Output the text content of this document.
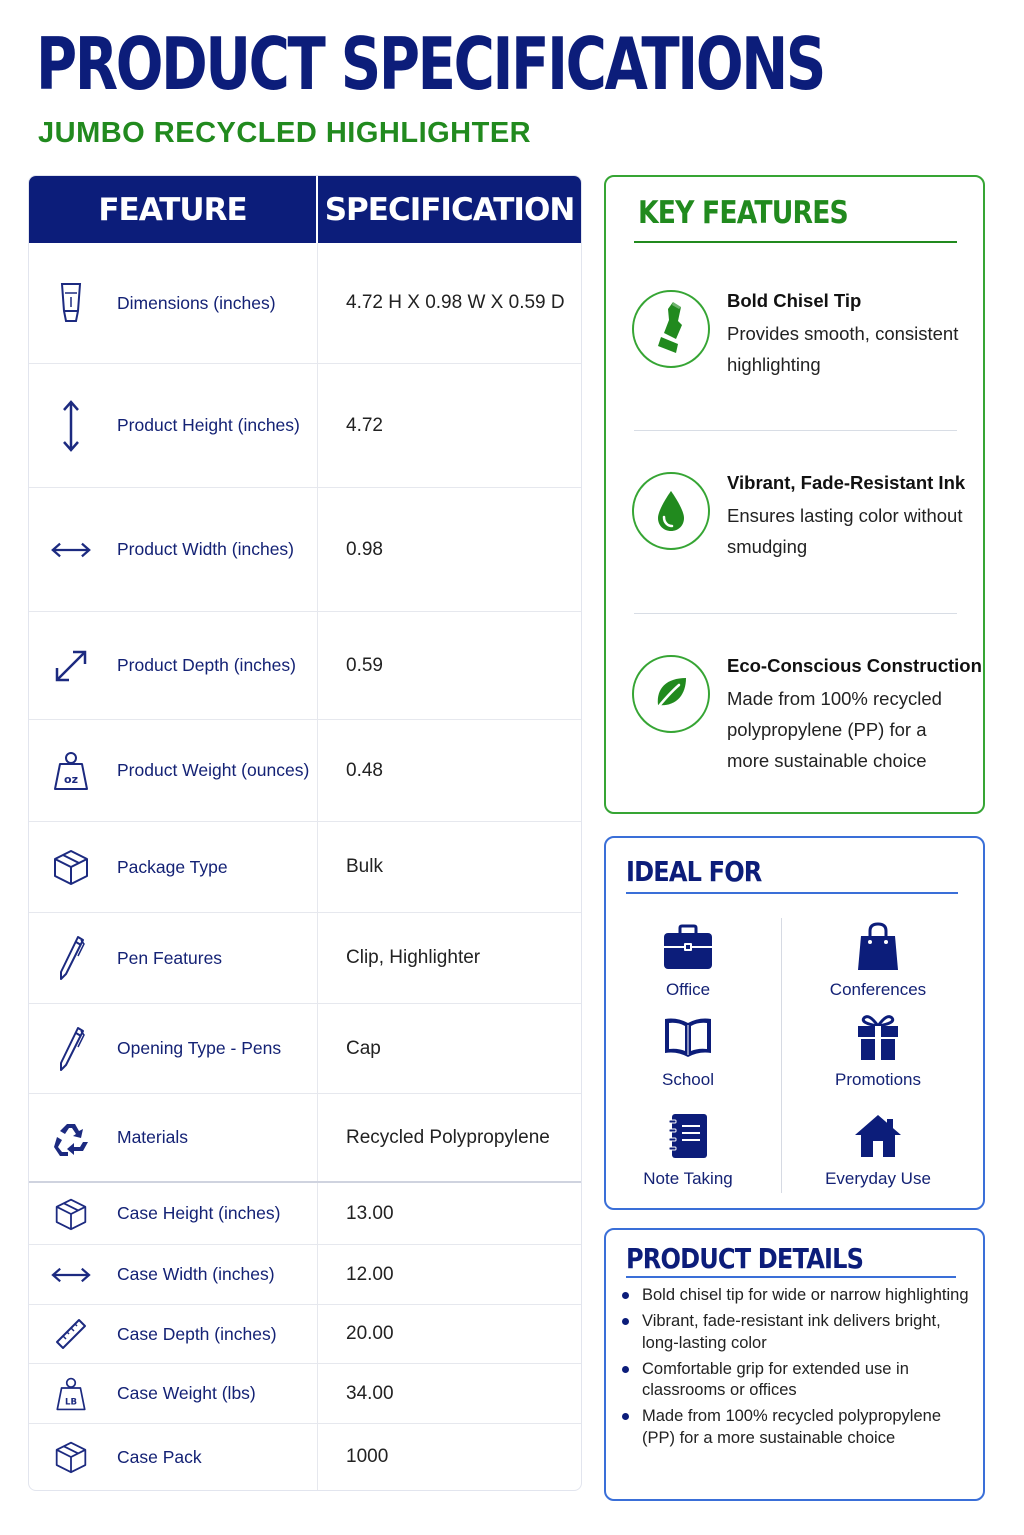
PRODUCT SPECIFICATIONS
JUMBO RECYCLED HIGHLIGHTER
FEATURE	SPECIFICATION
Dimensions (inches)	4.72 H X 0.98 W X 0.59 D
Product Height (inches)	4.72
Product Width (inches)	0.98
Product Depth (inches)	0.59
oz Product Weight (ounces)	0.48
Package Type	Bulk
Pen Features	Clip, Highlighter
Opening Type - Pens	Cap
Materials	Recycled Polypropylene
Case Height (inches)	13.00
Case Width (inches)	12.00
Case Depth (inches)	20.00
LB Case Weight (lbs)	34.00
Case Pack	1000
KEY FEATURES
Bold Chisel Tip
Provides smooth, consistent highlighting
Vibrant, Fade-Resistant Ink
Ensures lasting color without smudging
Eco-Conscious Construction
Made from 100% recycled polypropylene (PP) for a more sustainable choice
IDEAL FOR
Office	Conferences
School	Promotions
Note Taking	Everyday Use
PRODUCT DETAILS
Bold chisel tip for wide or narrow highlighting
Vibrant, fade-resistant ink delivers bright, long-lasting color
Comfortable grip for extended use in classrooms or offices
Made from 100% recycled polypropylene (PP) for a more sustainable choice
